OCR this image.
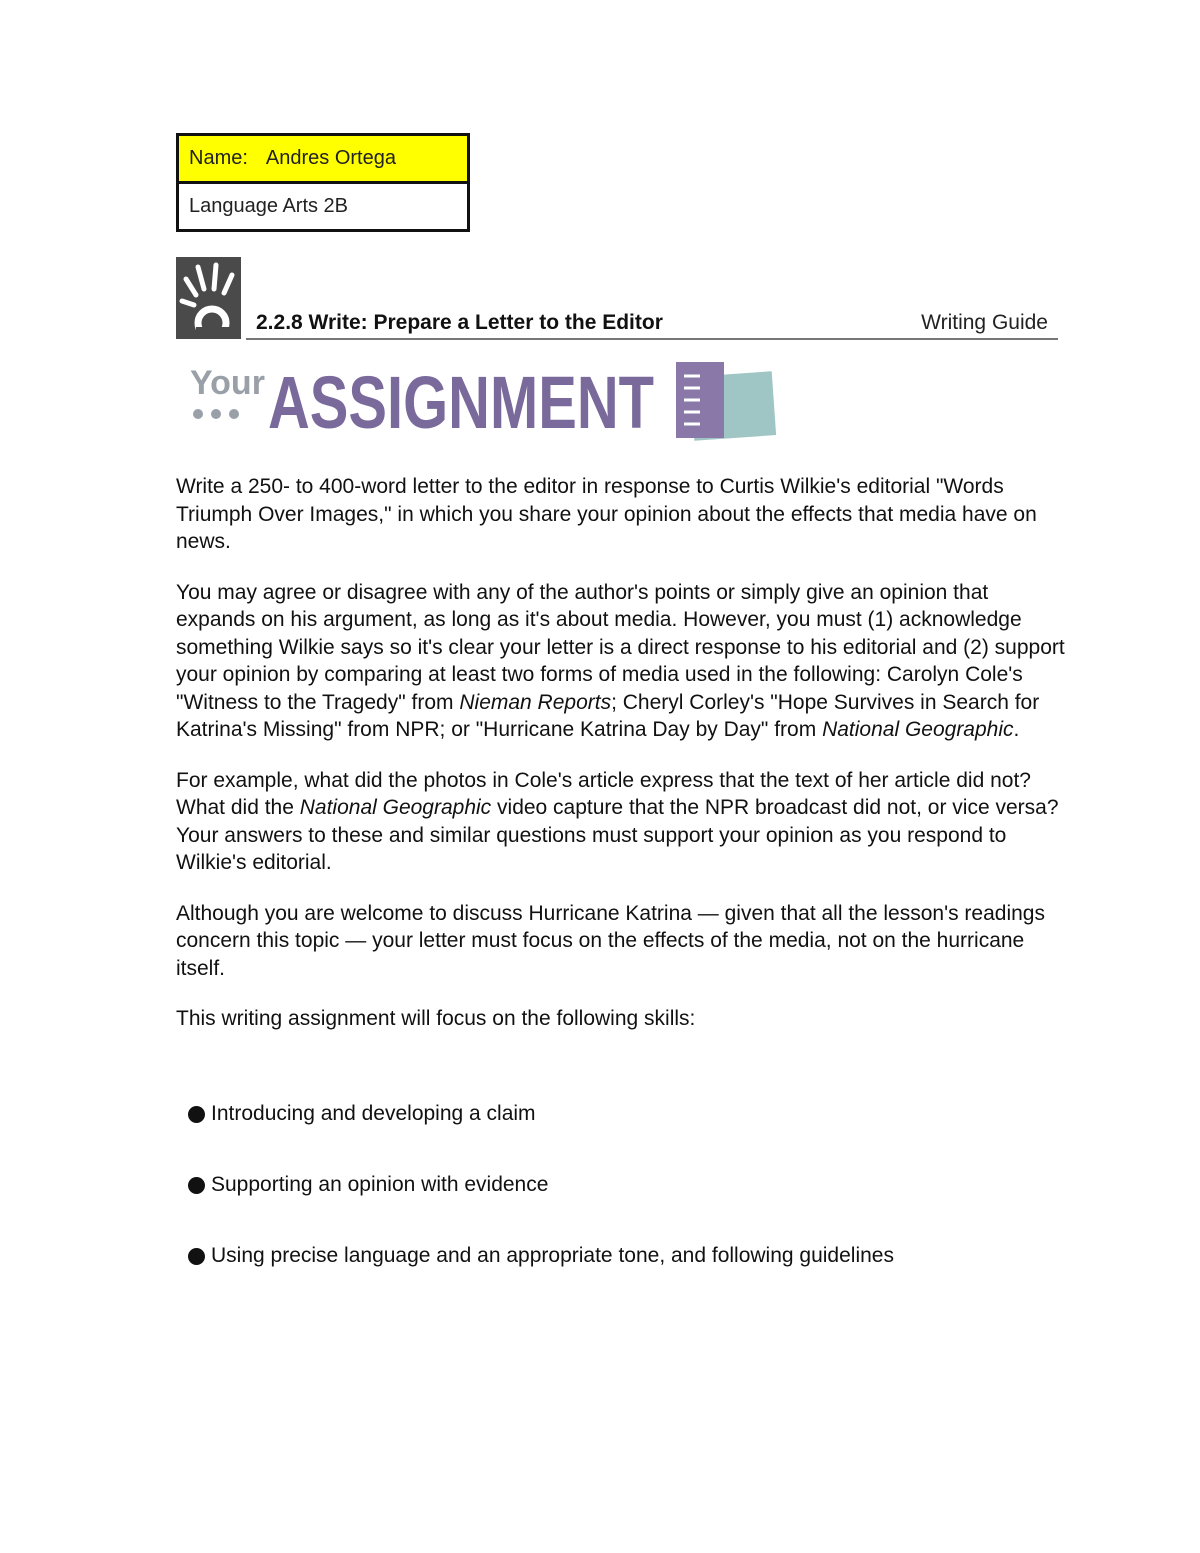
Name: Andres Ortega
Language Arts 2B
2.2.8 Write: Prepare a Letter to the Editor	Writing Guide
Your ASSIGNMENT

Write a 250- to 400-word letter to the editor in response to Curtis Wilkie's editorial "Words Triumph Over Images," in which you share your opinion about the effects that media have on news.

You may agree or disagree with any of the author's points or simply give an opinion that expands on his argument, as long as it's about media. However, you must (1) acknowledge something Wilkie says so it's clear your letter is a direct response to his editorial and (2) support your opinion by comparing at least two forms of media used in the following: Carolyn Cole's "Witness to the Tragedy" from Nieman Reports; Cheryl Corley's "Hope Survives in Search for Katrina's Missing" from NPR; or "Hurricane Katrina Day by Day" from National Geographic.

For example, what did the photos in Cole's article express that the text of her article did not? What did the National Geographic video capture that the NPR broadcast did not, or vice versa? Your answers to these and similar questions must support your opinion as you respond to Wilkie's editorial.

Although you are welcome to discuss Hurricane Katrina — given that all the lesson's readings concern this topic — your letter must focus on the effects of the media, not on the hurricane itself.

This writing assignment will focus on the following skills:

Introducing and developing a claim
Supporting an opinion with evidence
Using precise language and an appropriate tone, and following guidelines
